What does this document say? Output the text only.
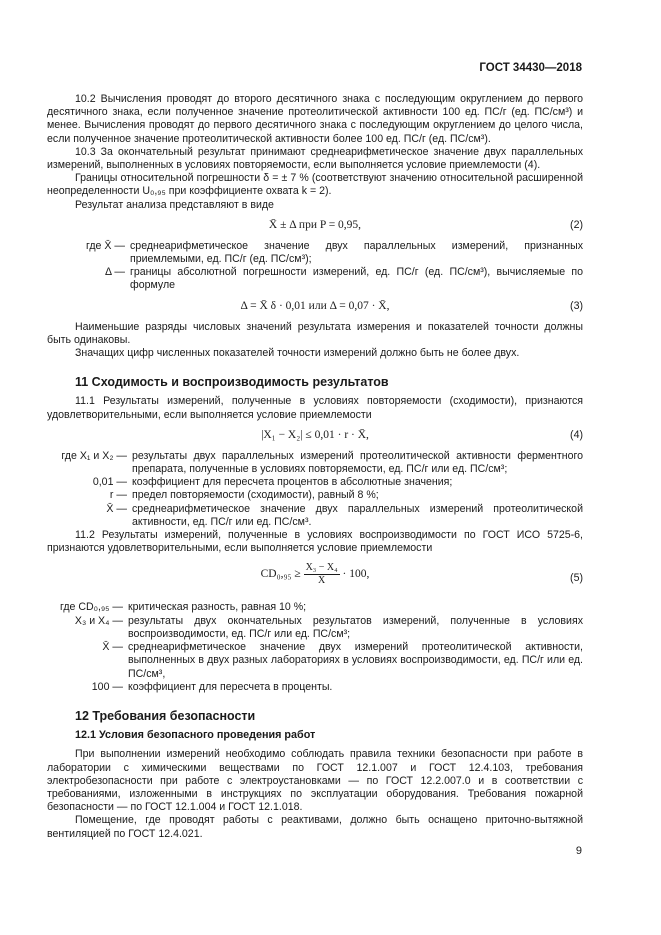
ГОСТ 34430—2018

10.2 Вычисления проводят до второго десятичного знака с последующим округлением до первого десятичного знака, если полученное значение протеолитической активности 100 ед. ПС/г (ед. ПС/см³) и менее. Вычисления проводят до первого десятичного знака с последующим округлением до целого числа, если полученное значение протеолитической активности более 100 ед. ПС/г (ед. ПС/см³).

10.3 За окончательный результат принимают среднеарифметическое значение двух параллельных измерений, выполненных в условиях повторяемости, если выполняется условие приемлемости (4).

Границы относительной погрешности δ = ± 7 % (соответствуют значению относительной расширенной неопределенности U₀,₉₅ при коэффициенте охвата k = 2).

Результат анализа представляют в виде

X̄ ± Δ при P = 0,95,	(2)
где X̄ — среднеарифметическое значение двух параллельных измерений, признанных приемлемыми, ед. ПС/г (ед. ПС/см³);
Δ — границы абсолютной погрешности измерений, ед. ПС/г (ед. ПС/см³), вычисляемые по формуле
Δ = X̄ δ · 0,01 или Δ = 0,07 · X̄,	(3)

Наименьшие разряды числовых значений результата измерения и показателей точности должны быть одинаковы.

Значащих цифр численных показателей точности измерений должно быть не более двух.

11 Сходимость и воспроизводимость результатов

11.1 Результаты измерений, полученные в условиях повторяемости (сходимости), признаются удовлетворительными, если выполняется условие приемлемости

|X₁ − X₂| ≤ 0,01 · r · X̄,	(4)
где X₁ и X₂ — результаты двух параллельных измерений протеолитической активности ферментного препарата, полученные в условиях повторяемости, ед. ПС/г или ед. ПС/см³;
0,01 — коэффициент для пересчета процентов в абсолютные значения;
r — предел повторяемости (сходимости), равный 8 %;
X̄ — среднеарифметическое значение двух параллельных измерений протеолитической активности, ед. ПС/г или ед. ПС/см³.

11.2 Результаты измерений, полученные в условиях воспроизводимости по ГОСТ ИСО 5725-6, признаются удовлетворительными, если выполняется условие приемлемости

$CD_0,_{95} \ge \frac{\text{X₃ − X₄}}{X̄} \cdot 100$,	(5)
где CD₀,₉₅ — критическая разность, равная 10 %;
X₃ и X₄ — результаты двух окончательных результатов измерений, полученные в условиях воспроизводимости, ед. ПС/г или ед. ПС/см³;
X̄ — среднеарифметическое значение двух измерений протеолитической активности, выполненных в двух разных лабораториях в условиях воспроизводимости, ед. ПС/г или ед. ПС/см³,
100 — коэффициент для пересчета в проценты.
12 Требования безопасности
12.1 Условия безопасного проведения работ

При выполнении измерений необходимо соблюдать правила техники безопасности при работе в лаборатории с химическими веществами по ГОСТ 12.1.007 и ГОСТ 12.4.103, требования электробезопасности при работе с электроустановками — по ГОСТ 12.2.007.0 и в соответствии с требованиями, изложенными в инструкциях по эксплуатации оборудования. Требования пожарной безопасности — по ГОСТ 12.1.004 и ГОСТ 12.1.018.

Помещение, где проводят работы с реактивами, должно быть оснащено приточно-вытяжной вентиляцией по ГОСТ 12.4.021.

9
